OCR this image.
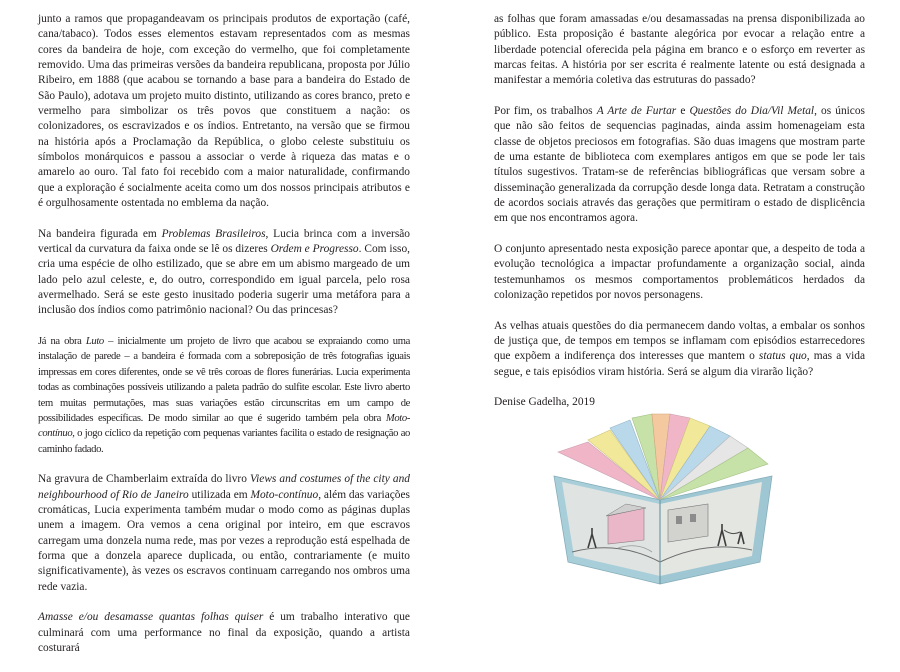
junto a ramos que propagandeavam os principais produtos de exportação (café, cana/tabaco). Todos esses elementos estavam representados com as mesmas cores da bandeira de hoje, com exceção do vermelho, que foi completamente removido. Uma das primeiras versões da bandeira republicana, proposta por Júlio Ribeiro, em 1888 (que acabou se tornando a base para a bandeira do Estado de São Paulo), adotava um projeto muito distinto, utilizando as cores branco, preto e vermelho para simbolizar os três povos que constituem a nação: os colonizadores, os escravizados e os índios. Entretanto, na versão que se firmou na história após a Proclamação da República, o globo celeste substituiu os símbolos monárquicos e passou a associar o verde à riqueza das matas e o amarelo ao ouro. Tal fato foi recebido com a maior naturalidade, confirmando que a exploração é socialmente aceita como um dos nossos principais atributos e é orgulhosamente ostentada no emblema da nação.

Na bandeira figurada em Problemas Brasileiros, Lucia brinca com a inversão vertical da curvatura da faixa onde se lê os dizeres Ordem e Progresso. Com isso, cria uma espécie de olho estilizado, que se abre em um abismo margeado de um lado pelo azul celeste, e, do outro, correspondido em igual parcela, pelo rosa avermelhado. Será se este gesto inusitado poderia sugerir uma metáfora para a inclusão dos índios como patrimônio nacional? Ou das princesas?

Já na obra Luto – inicialmente um projeto de livro que acabou se expraiando como uma instalação de parede – a bandeira é formada com a sobreposição de três fotografias iguais impressas em cores diferentes, onde se vê três coroas de flores funerárias. Lucia experimenta todas as combinações possíveis utilizando a paleta padrão do sulfite escolar. Este livro aberto tem muitas permutações, mas suas variações estão circunscritas em um campo de possibilidades específicas. De modo similar ao que é sugerido também pela obra Moto-contínuo, o jogo cíclico da repetição com pequenas variantes facilita o estado de resignação ao caminho fadado.

Na gravura de Chamberlaim extraída do livro Views and costumes of the city and neighbourhood of Rio de Janeiro utilizada em Moto-contínuo, além das variações cromáticas, Lucia experimenta também mudar o modo como as páginas duplas unem a imagem. Ora vemos a cena original por inteiro, em que escravos carregam uma donzela numa rede, mas por vezes a reprodução está espelhada de forma que a donzela aparece duplicada, ou então, contrariamente (e muito significativamente), às vezes os escravos continuam carregando nos ombros uma rede vazia.

Amasse e/ou desamasse quantas folhas quiser é um trabalho interativo que culminará com uma performance no final da exposição, quando a artista costurará

as folhas que foram amassadas e/ou desamassadas na prensa disponibilizada ao público. Esta proposição é bastante alegórica por evocar a relação entre a liberdade potencial oferecida pela página em branco e o esforço em reverter as marcas feitas. A história por ser escrita é realmente latente ou está designada a manifestar a memória coletiva das estruturas do passado?

Por fim, os trabalhos A Arte de Furtar e Questões do Dia/Vil Metal, os únicos que não são feitos de sequencias paginadas, ainda assim homenageiam esta classe de objetos preciosos em fotografias. São duas imagens que mostram parte de uma estante de biblioteca com exemplares antigos em que se pode ler tais títulos sugestivos. Tratam-se de referências bibliográficas que versam sobre a disseminação generalizada da corrupção desde longa data. Retratam a construção de acordos sociais através das gerações que permitiram o estado de displicência em que nos encontramos agora.

O conjunto apresentado nesta exposição parece apontar que, a despeito de toda a evolução tecnológica a impactar profundamente a organização social, ainda testemunhamos os mesmos comportamentos problemáticos herdados da colonização repetidos por novos personagens.

As velhas atuais questões do dia permanecem dando voltas, a embalar os sonhos de justiça que, de tempos em tempos se inflamam com episódios estarrecedores que expõem a indiferença dos interesses que mantem o status quo, mas a vida segue, e tais episódios viram história. Será se algum dia virarão lição?

Denise Gadelha, 2019
